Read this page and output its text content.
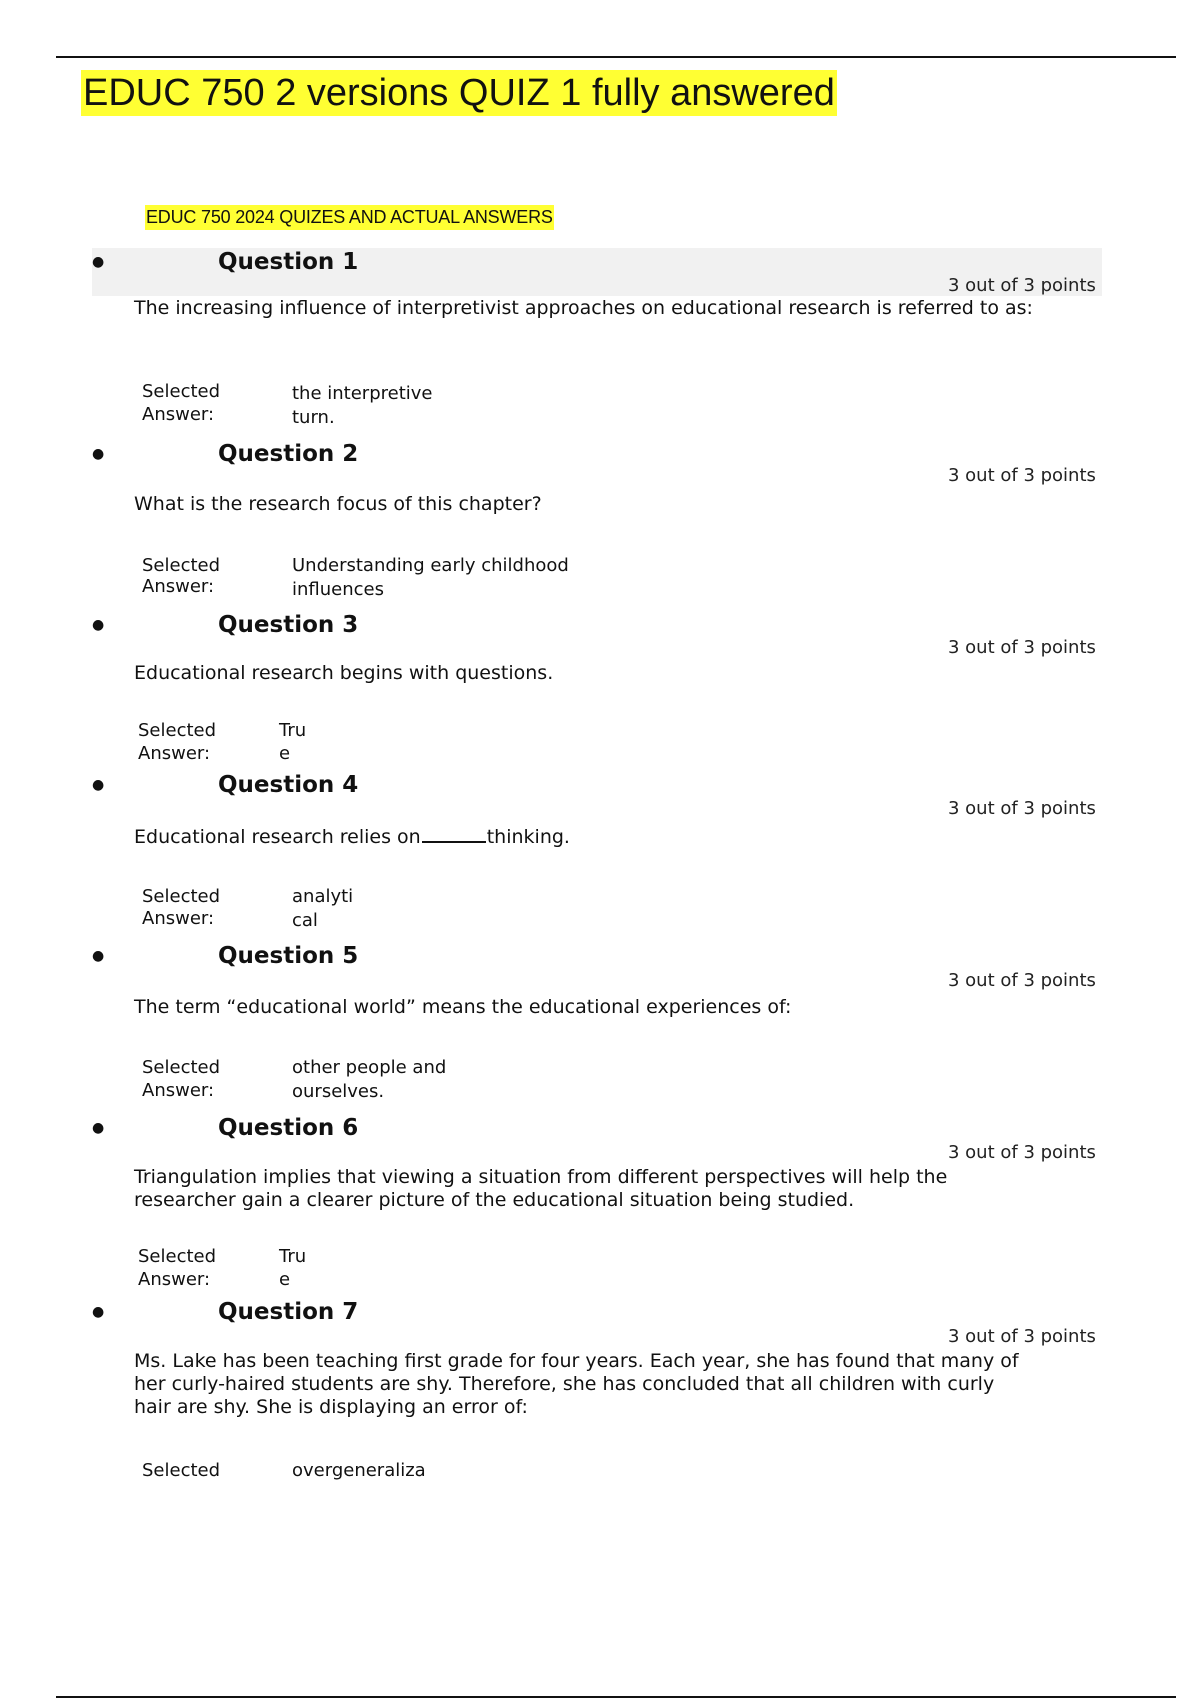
EDUC 750 2 versions QUIZ 1 fully answered
EDUC 750 2024 QUIZES AND ACTUAL ANSWERS
●	Question 1
3 out of 3 points
The increasing influence of interpretivist approaches on educational research is referred to as:
Selected
Answer:
the interpretive
turn.
●	Question 2
3 out of 3 points
What is the research focus of this chapter?
Selected
Answer:
Understanding early childhood
influences
●	Question 3
3 out of 3 points
Educational research begins with questions.
Selected
Answer:
Tru
e
●	Question 4
3 out of 3 points
Educational research relies on	thinking.
Selected
Answer:
analyti
cal
●	Question 5
3 out of 3 points
The term “educational world” means the educational experiences of:
Selected
Answer:
other people and
ourselves.
●	Question 6
3 out of 3 points
Triangulation implies that viewing a situation from different perspectives will help the researcher gain a clearer picture of the educational situation being studied.
Selected
Answer:
Tru
e
●	Question 7
3 out of 3 points
Ms. Lake has been teaching first grade for four years. Each year, she has found that many of her curly-haired students are shy. Therefore, she has concluded that all children with curly hair are shy. She is displaying an error of:
Selected	overgeneraliza
